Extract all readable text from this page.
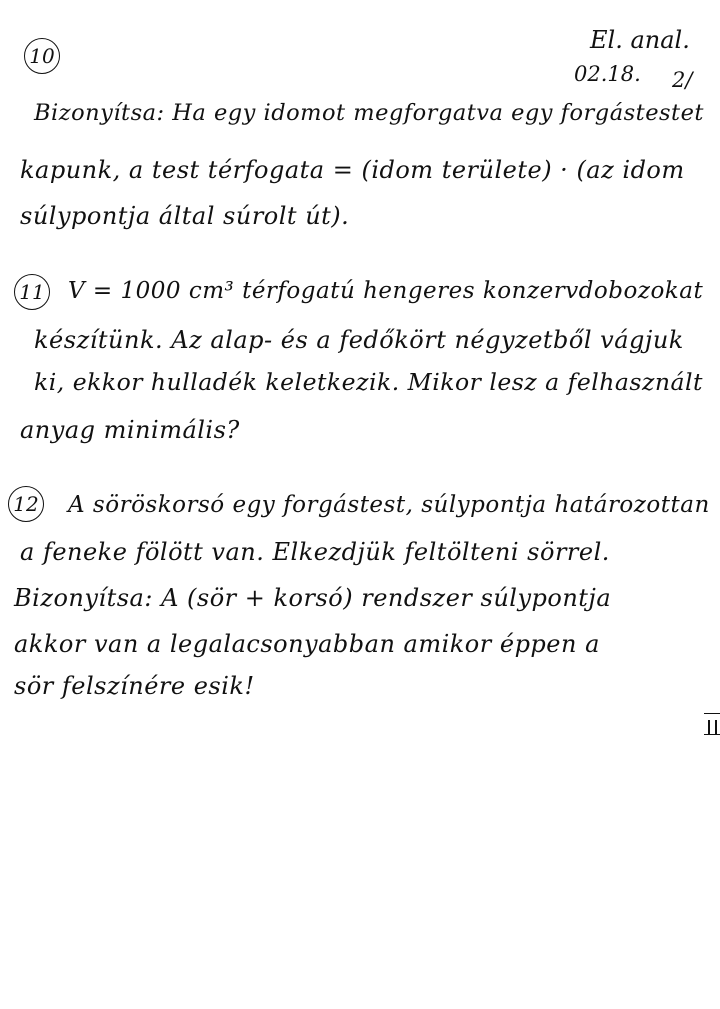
El. anal.
02.18. 2/
10
Bizonyítsa: Ha egy idomot megforgatva egy forgástestet
kapunk, a test térfogata = (idom területe) · (az idom
súlypontja által súrolt út).
11 V = 1000 cm³ térfogatú hengeres konzervdobozokat
készítünk. Az alap- és a fedőkört négyzetből vágjuk
ki, ekkor hulladék keletkezik. Mikor lesz a felhasznált
anyag minimális?
12 A söröskorsó egy forgástest, súlypontja határozottan
a feneke fölött van. Elkezdjük feltölteni sörrel.
Bizonyítsa: A (sör + korsó) rendszer súlypontja
akkor van a legalacsonyabban amikor éppen a
sör felszínére esik!
